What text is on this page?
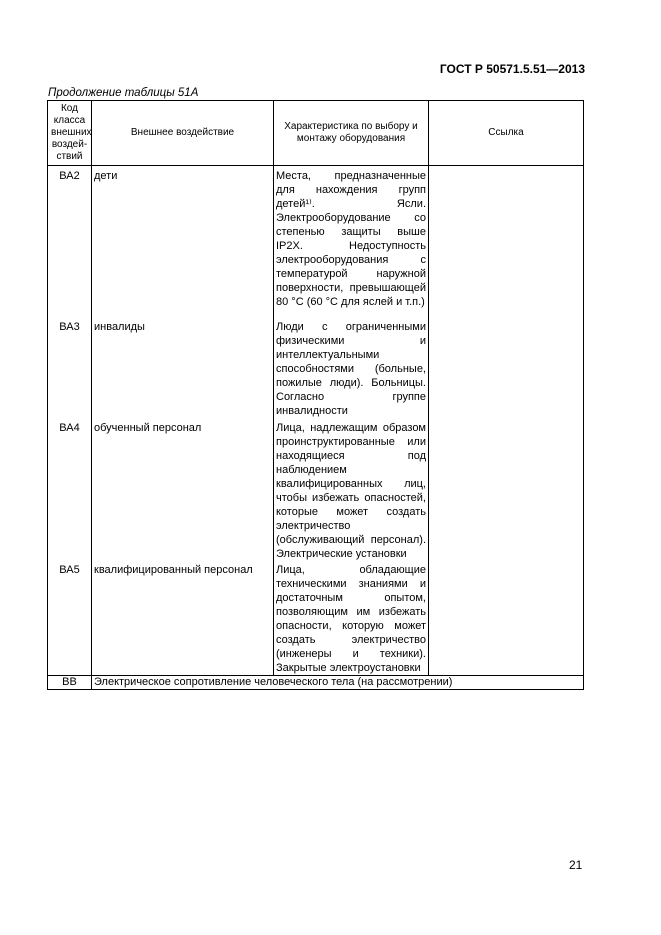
ГОСТ Р 50571.5.51—2013
Продолжение таблицы 51А
Код класса внешних воздействий	Внешнее воздействие	Характеристика по выбору и монтажу оборудования	Ссылка
ВА2	дети	Места, предназначенные для нахождения групп детей¹⁾. Ясли. Электрооборудование со степенью защиты выше IP2X. Недоступность электрооборудования с температурой наружной поверхности, превышающей 80 °С (60 °С для яслей и т.п.)	
ВА3	инвалиды	Люди с ограниченными физическими и интеллектуальными способностями (больные, пожилые люди). Больницы. Согласно группе инвалидности	
ВА4	обученный персонал	Лица, надлежащим образом проинструктированные или находящиеся под наблюдением квалифицированных лиц, чтобы избежать опасностей, которые может создать электричество (обслуживающий персонал). Электрические установки	
ВА5	квалифицированный персонал	Лица, обладающие техническими знаниями и достаточным опытом, позволяющим им избежать опасности, которую может создать электричество (инженеры и техники). Закрытые электроустановки	
ВВ	Электрическое сопротивление человеческого тела (на рассмотрении)		
21
